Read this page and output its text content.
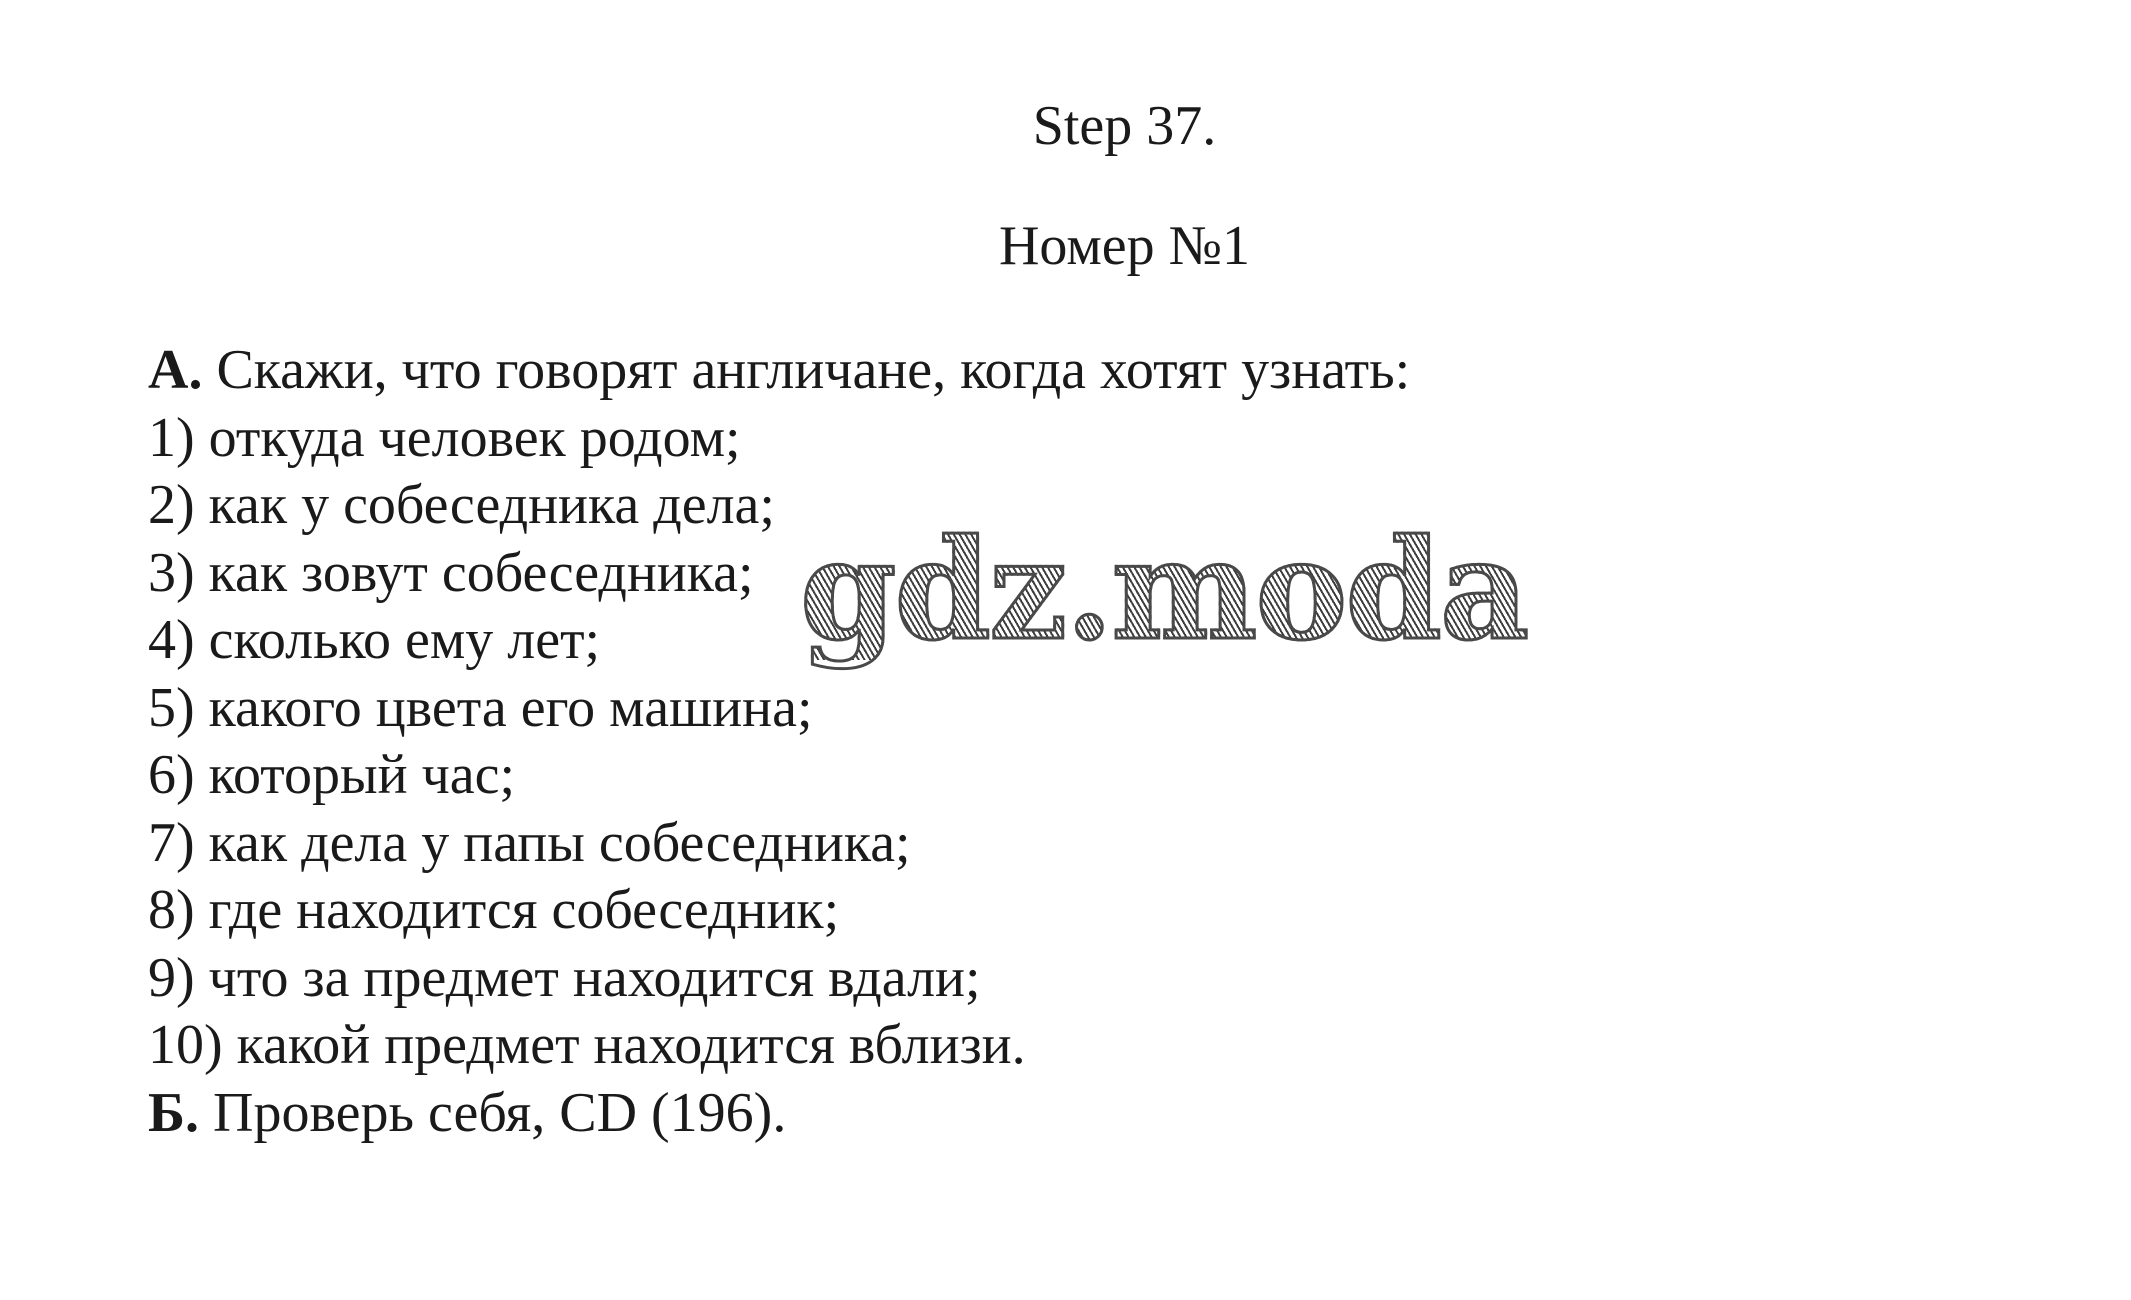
Step 37.
Номер №1
А. Скажи, что говорят англичане, когда хотят узнать:
1) откуда человек родом;
2) как у собеседника дела;
3) как зовут собеседника;
4) сколько ему лет;
5) какого цвета его машина;
6) который час;
7) как дела у папы собеседника;
8) где находится собеседник;
9) что за предмет находится вдали;
10) какой предмет находится вблизи.
Б. Проверь себя, CD (196).
gdz.moda
